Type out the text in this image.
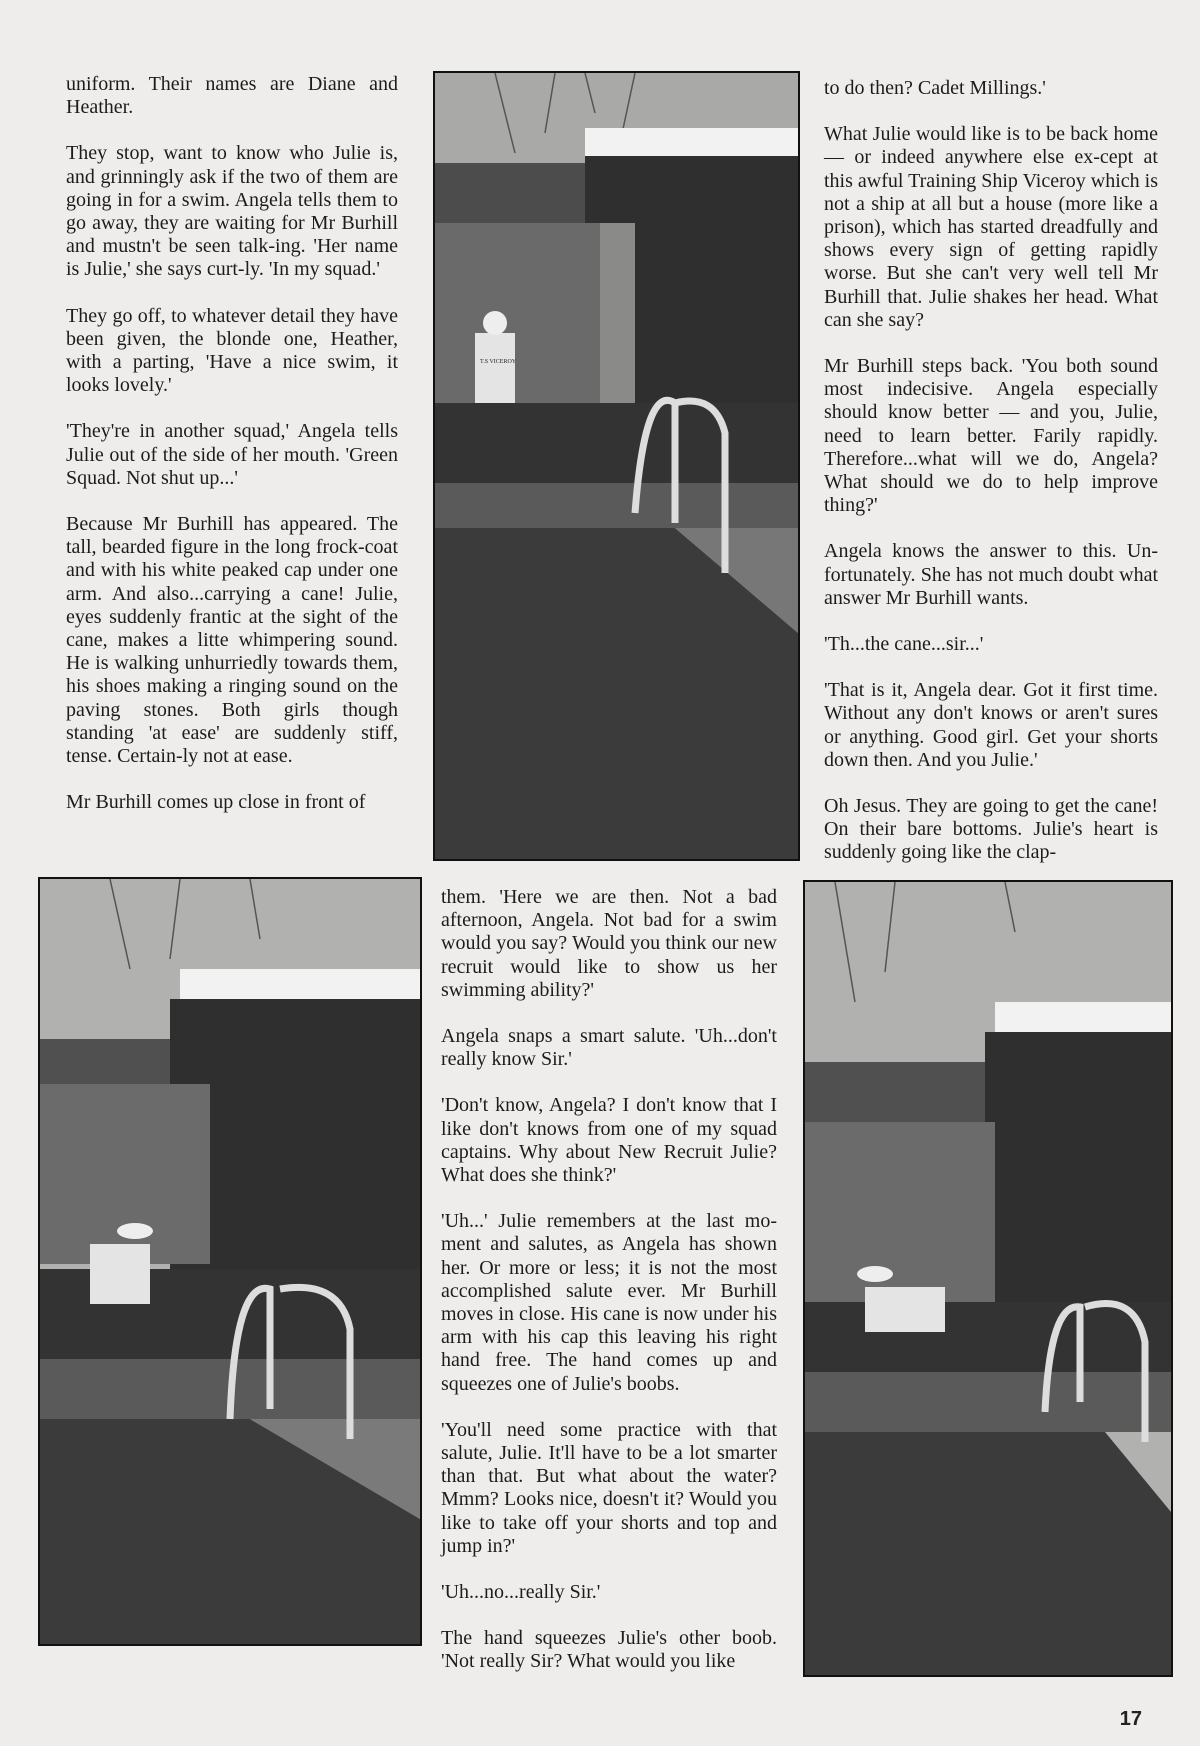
uniform. Their names are Diane and Heather.

They stop, want to know who Julie is, and grinningly ask if the two of them are going in for a swim. Angela tells them to go away, they are waiting for Mr Burhill and mustn't be seen talk-ing. 'Her name is Julie,' she says curt-ly. 'In my squad.'

They go off, to whatever detail they have been given, the blonde one, Heather, with a parting, 'Have a nice swim, it looks lovely.'

'They're in another squad,' Angela tells Julie out of the side of her mouth. 'Green Squad. Not shut up...'

Because Mr Burhill has appeared. The tall, bearded figure in the long frock-coat and with his white peaked cap under one arm. And also...carrying a cane! Julie, eyes suddenly frantic at the sight of the cane, makes a litte whimpering sound. He is walking unhurriedly towards them, his shoes making a ringing sound on the paving stones. Both girls though standing 'at ease' are suddenly stiff, tense. Certain-ly not at ease.

Mr Burhill comes up close in front of

T.S VICEROY

to do then? Cadet Millings.'

What Julie would like is to be back home — or indeed anywhere else ex-cept at this awful Training Ship Viceroy which is not a ship at all but a house (more like a prison), which has started dreadfully and shows every sign of getting rapidly worse. But she can't very well tell Mr Burhill that. Julie shakes her head. What can she say?

Mr Burhill steps back. 'You both sound most indecisive. Angela especially should know better — and you, Julie, need to learn better. Farily rapidly. Therefore...what will we do, Angela? What should we do to help improve thing?'

Angela knows the answer to this. Un-fortunately. She has not much doubt what answer Mr Burhill wants.

'Th...the cane...sir...'

'That is it, Angela dear. Got it first time. Without any don't knows or aren't sures or anything. Good girl. Get your shorts down then. And you Julie.'

Oh Jesus. They are going to get the cane! On their bare bottoms. Julie's heart is suddenly going like the clap-

them. 'Here we are then. Not a bad afternoon, Angela. Not bad for a swim would you say? Would you think our new recruit would like to show us her swimming ability?'

Angela snaps a smart salute. 'Uh...don't really know Sir.'

'Don't know, Angela? I don't know that I like don't knows from one of my squad captains. Why about New Recruit Julie? What does she think?'

'Uh...' Julie remembers at the last mo-ment and salutes, as Angela has shown her. Or more or less; it is not the most accomplished salute ever. Mr Burhill moves in close. His cane is now under his arm with his cap this leaving his right hand free. The hand comes up and squeezes one of Julie's boobs.

'You'll need some practice with that salute, Julie. It'll have to be a lot smarter than that. But what about the water? Mmm? Looks nice, doesn't it? Would you like to take off your shorts and top and jump in?'

'Uh...no...really Sir.'

The hand squeezes Julie's other boob. 'Not really Sir? What would you like

17
